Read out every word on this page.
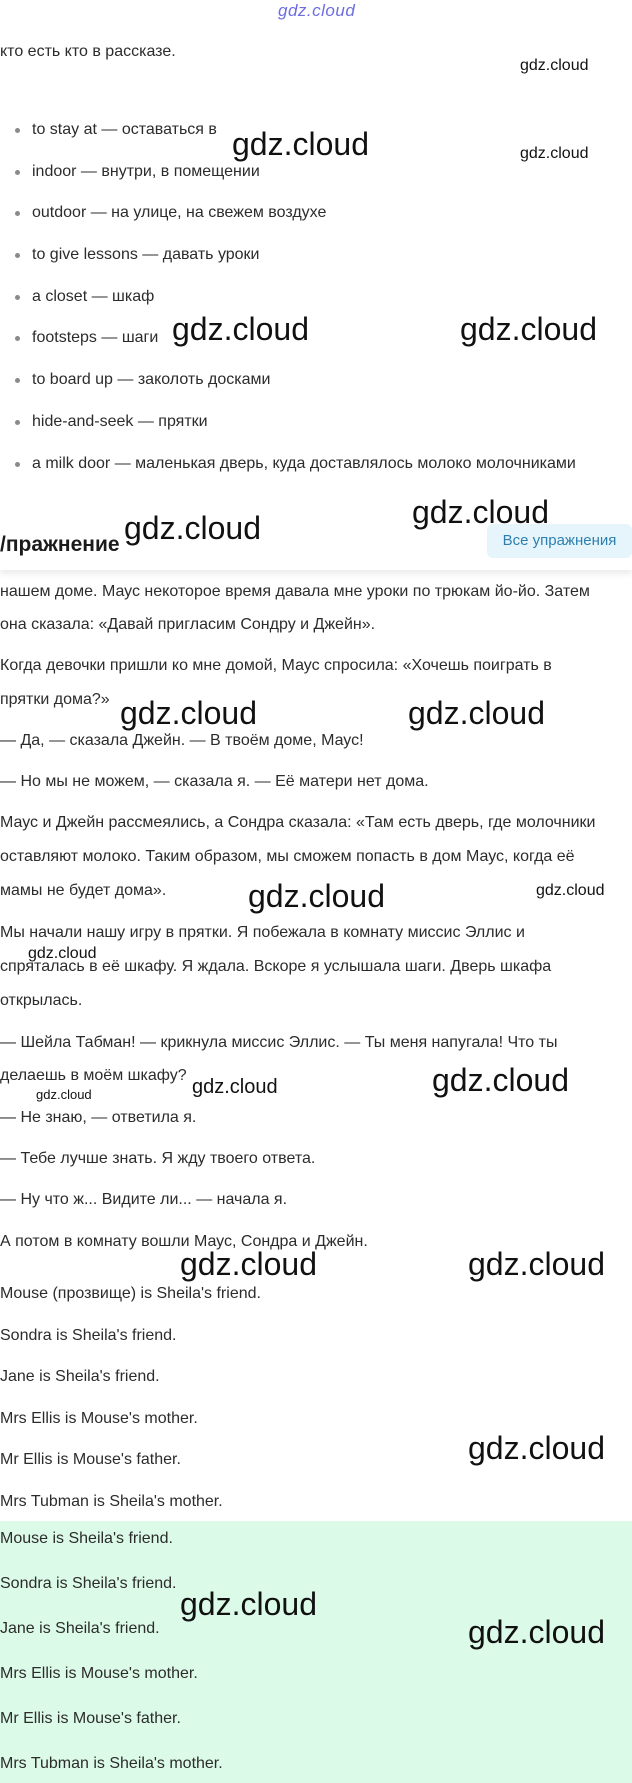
gdz.cloud

кто есть кто в рассказе.

to stay at — оставаться в
indoor — внутри, в помещении
outdoor — на улице, на свежем воздухе
to give lessons — давать уроки
a closet — шкаф
footsteps — шаги
to board up — заколоть досками
hide-and-seek — прятки
a milk door — маленькая дверь, куда доставлялось молоко молочниками
/пражнение	Все упражнения
нашем доме. Маус некоторое время давала мне уроки по трюкам йо-йо. Затем
она сказала: «Давай пригласим Сондру и Джейн».
Когда девочки пришли ко мне домой, Маус спросила: «Хочешь поиграть в
прятки дома?»
— Да, — сказала Джейн. — В твоём доме, Маус!
— Но мы не можем, — сказала я. — Её матери нет дома.
Маус и Джейн рассмеялись, а Сондра сказала: «Там есть дверь, где молочники
оставляют молоко. Таким образом, мы сможем попасть в дом Маус, когда её
мамы не будет дома».
Мы начали нашу игру в прятки. Я побежала в комнату миссис Эллис и
спряталась в её шкафу. Я ждала. Вскоре я услышала шаги. Дверь шкафа
открылась.
— Шейла Табман! — крикнула миссис Эллис. — Ты меня напугала! Что ты
делаешь в моём шкафу?
— Не знаю, — ответила я.
— Тебе лучше знать. Я жду твоего ответа.
— Ну что ж... Видите ли... — начала я.
А потом в комнату вошли Маус, Сондра и Джейн.
Mouse (прозвище) is Sheila's friend.
Sondra is Sheila's friend.
Jane is Sheila's friend.
Mrs Ellis is Mouse's mother.
Mr Ellis is Mouse's father.
Mrs Tubman is Sheila's mother.
Mouse is Sheila's friend.
Sondra is Sheila's friend.
Jane is Sheila's friend.
Mrs Ellis is Mouse's mother.
Mr Ellis is Mouse's father.
Mrs Tubman is Sheila's mother.
gdz.cloud
gdz.cloud
gdz.cloud
gdz.cloud	gdz.cloud
gdz.cloud
gdz.cloud
gdz.cloud	gdz.cloud
gdz.cloud	gdz.cloud
gdz.cloud
gdz.cloud
gdz.cloud
gdz.cloud
gdz.cloud	gdz.cloud
gdz.cloud
gdz.cloud
gdz.cloud
